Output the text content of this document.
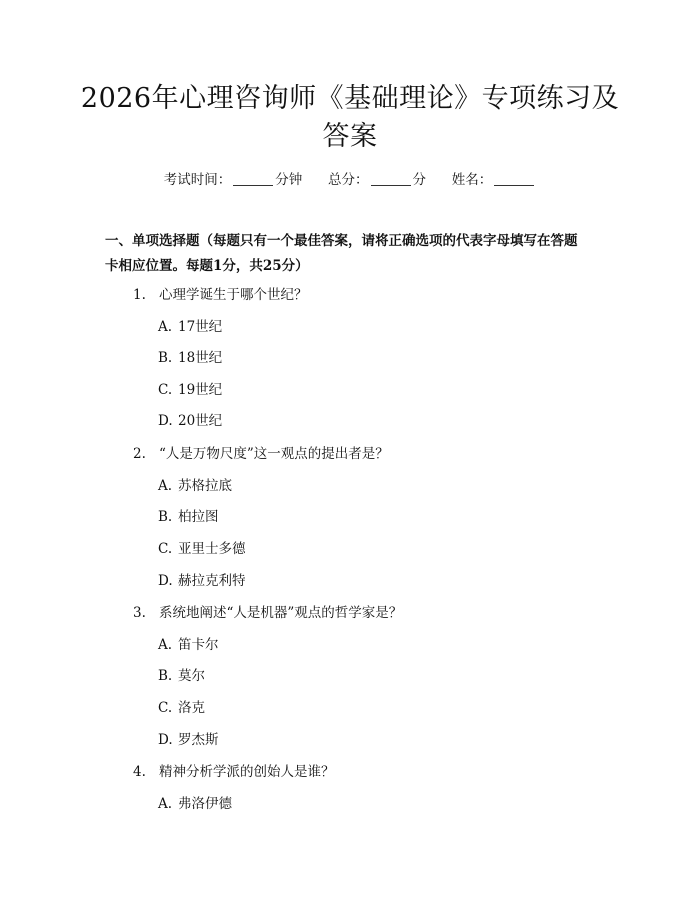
2026年心理咨询师《基础理论》专项练习及
答案
考试时间：	分钟 总分：	分 姓名：
一、单项选择题（每题只有一个最佳答案，请将正确选项的代表字母填写在答题
卡相应位置。每题1分，共25分）
1. 心理学诞生于哪个世纪？
A. 17世纪
B. 18世纪
C. 19世纪
D. 20世纪
2. “人是万物尺度”这一观点的提出者是？
A. 苏格拉底
B. 柏拉图
C. 亚里士多德
D. 赫拉克利特
3. 系统地阐述“人是机器”观点的哲学家是？
A. 笛卡尔
B. 莫尔
C. 洛克
D. 罗杰斯
4. 精神分析学派的创始人是谁？
A. 弗洛伊德
